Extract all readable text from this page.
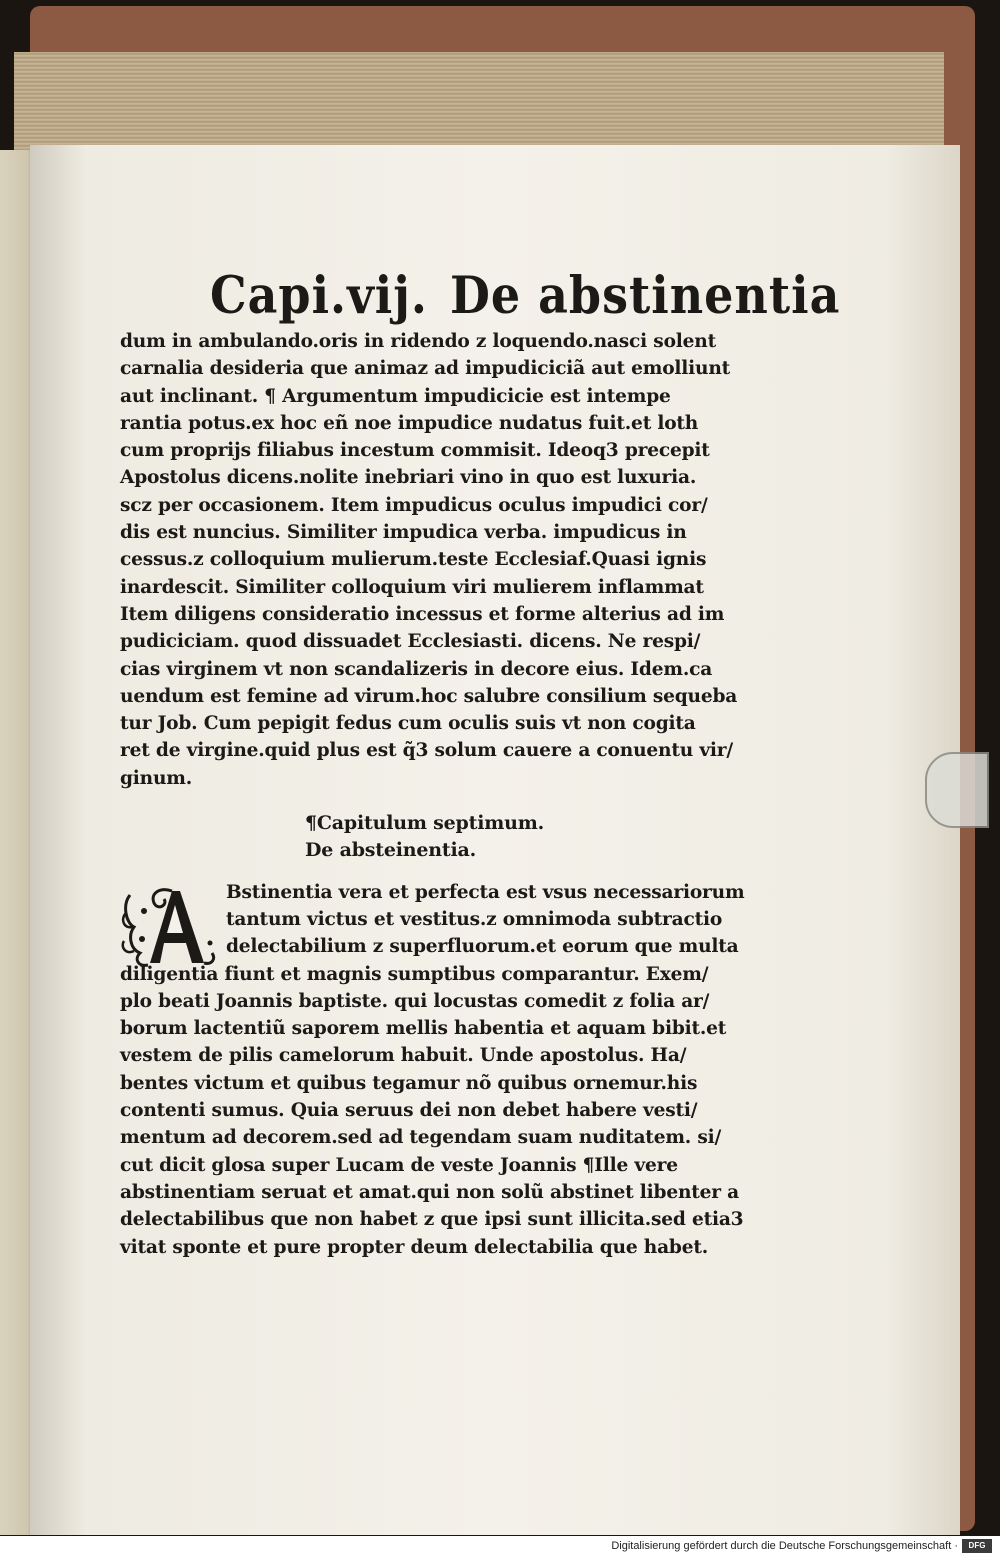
Capi.vij. De abstinentia
dum in ambulando.oris in ridendo z loquendo.nasci solent
carnalia desideria que animaz ad impudiciciã aut emolliunt
aut inclinant. ¶ Argumentum impudicicie est intempe
rantia potus.ex hoc eñ noe impudice nudatus fuit.et loth
cum proprijs filiabus incestum commisit. Ideoq3 precepit
Apostolus dicens.nolite inebriari vino in quo est luxuria.
scz per occasionem. Item impudicus oculus impudici cor/
dis est nuncius. Similiter impudica verba. impudicus in
cessus.z colloquium mulierum.teste Ecclesiaf.Quasi ignis
inardescit. Similiter colloquium viri mulierem inflammat
Item diligens consideratio incessus et forme alterius ad im
pudiciciam. quod dissuadet Ecclesiasti. dicens. Ne respi/
cias virginem vt non scandalizeris in decore eius. Idem.ca
uendum est femine ad virum.hoc salubre consilium sequeba
tur Job. Cum pepigit fedus cum oculis suis vt non cogita
ret de virgine.quid plus est q̃3 solum cauere a conuentu vir/
ginum.
¶Capitulum septimum.
De absteinentia.
Bstinentia vera et perfecta est vsus necessariorum
tantum victus et vestitus.z omnimoda subtractio
delectabilium z superfluorum.et eorum que multa
diligentia fiunt et magnis sumptibus comparantur. Exem/
plo beati Joannis baptiste. qui locustas comedit z folia ar/
borum lactentiũ saporem mellis habentia et aquam bibit.et
vestem de pilis camelorum habuit. Unde apostolus. Ha/
bentes victum et quibus tegamur nõ quibus ornemur.his
contenti sumus. Quia seruus dei non debet habere vesti/
mentum ad decorem.sed ad tegendam suam nuditatem. si/
cut dicit glosa super Lucam de veste Joannis ¶Ille vere
abstinentiam seruat et amat.qui non solũ abstinet libenter a
delectabilibus que non habet z que ipsi sunt illicita.sed etia3
vitat sponte et pure propter deum delectabilia que habet.
Digitalisierung gefördert durch die Deutsche Forschungsgemeinschaft ·	DFG
